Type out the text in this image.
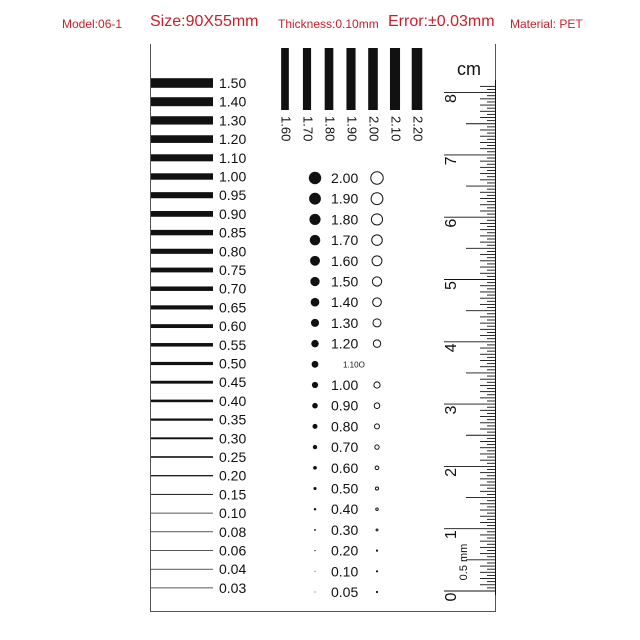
Model:06-1 Size:90X55mm Thickness:0.10mm Error:±0.03mm Material: PET
1.50
1.40
1.30
1.20
1.10
1.00
0.95
0.90
0.85
0.80
0.75
0.70
0.65
0.60
0.55
0.50
0.45
0.40
0.35
0.30
0.25
0.20
0.15
0.10
0.08
0.06
0.04
0.03
1.60 1.70 1.80 1.90 2.00 2.10 2.20
2.00
1.90
1.80
1.70
1.60
1.50
1.40
1.30
1.20
1.10O
1.00
0.90
0.80
0.70
0.60
0.50
0.40
0.30
0.20
0.10
0.05	0
1
2
3
4
5
6
7
8
cm
0.5 mm
